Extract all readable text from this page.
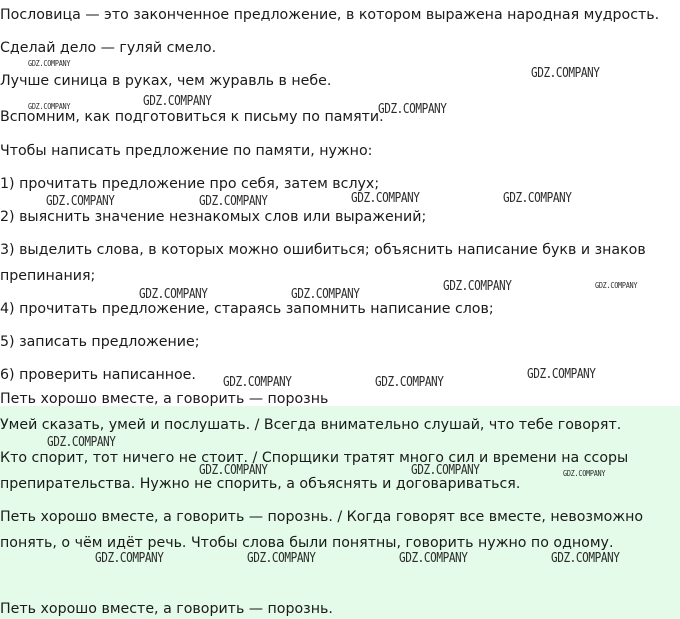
Пословица — это законченное предложение, в котором выражена народная мудрость.
Сделай дело — гуляй смело.
Лучше синица в руках, чем журавль в небе.
Вспомним, как подготовиться к письму по памяти.
Чтобы написать предложение по памяти, нужно:
1) прочитать предложение про себя, затем вслух;
2) выяснить значение незнакомых слов или выражений;
3) выделить слова, в которых можно ошибиться; объяснить написание букв и знаков
препинания;
4) прочитать предложение, стараясь запомнить написание слов;
5) записать предложение;
6) проверить написанное.
Петь хорошо вместе, а говорить — порознь
Умей сказать, умей и послушать. / Всегда внимательно слушай, что тебе говорят.
Кто спорит, тот ничего не стоит. / Спорщики тратят много сил и времени на ссоры
препирательства. Нужно не спорить, а объяснять и договариваться.
Петь хорошо вместе, а говорить — порознь. / Когда говорят все вместе, невозможно
понять, о чём идёт речь. Чтобы слова были понятны, говорить нужно по одному.
Петь хорошо вместе, а говорить — порознь.
GDZ.COMPANY
GDZ.COMPANY
GDZ.COMPANY	GDZ.COMPANY
GDZ.COMPANY
GDZ.COMPANY	GDZ.COMPANY	GDZ.COMPANY	GDZ.COMPANY
GDZ.COMPANY	GDZ.COMPANY
GDZ.COMPANY	GDZ.COMPANY
GDZ.COMPANY
GDZ.COMPANY	GDZ.COMPANY
GDZ.COMPANY
GDZ.COMPANY	GDZ.COMPANY	GDZ.COMPANY
GDZ.COMPANY	GDZ.COMPANY	GDZ.COMPANY	GDZ.COMPANY
